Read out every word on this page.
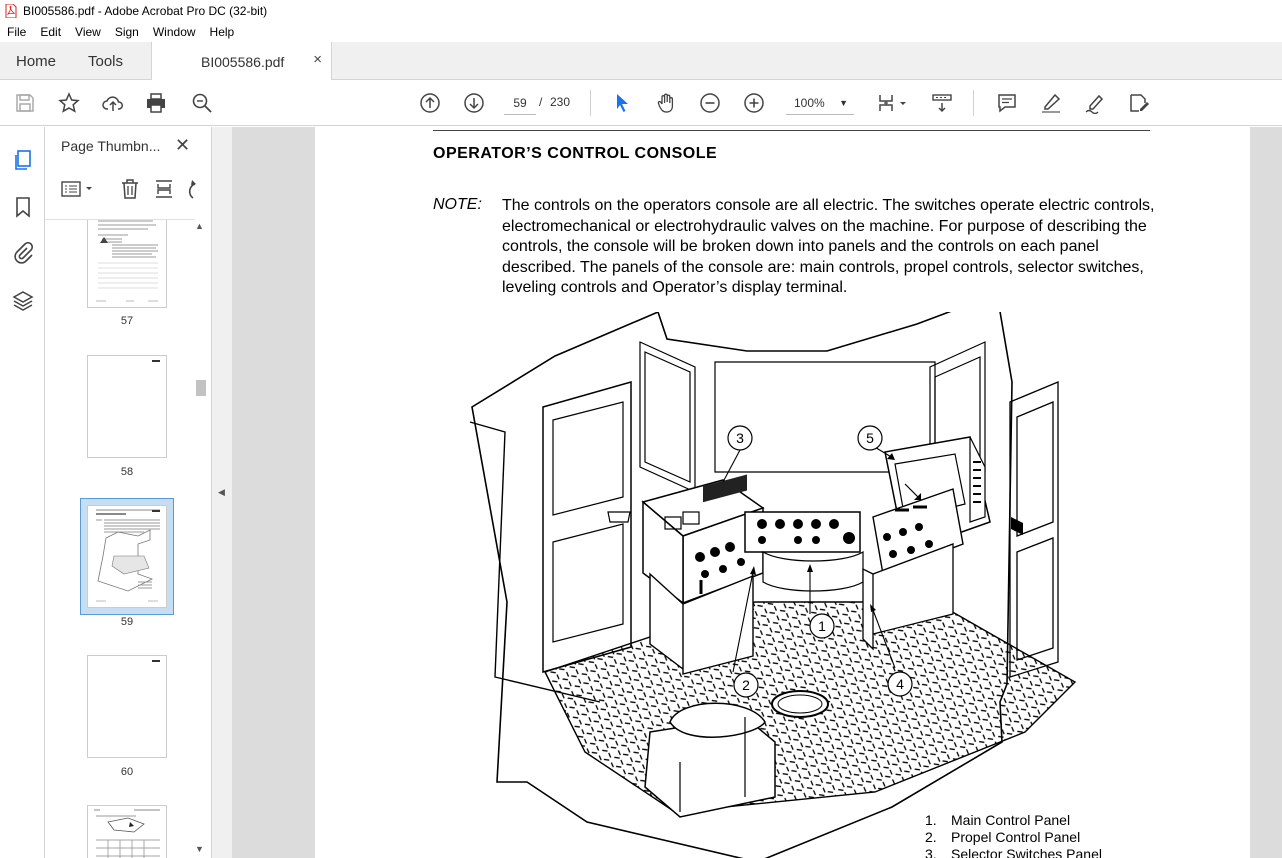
BI005586.pdf - Adobe Acrobat Pro DC (32-bit)
File	Edit	View	Sign	Window	Help
Home Tools	BI005586.pdf ×
59	/ 230	100% ▼
Page Thumbn... ✕
57
58
59
60
▲
▼
◀
OPERATOR’S CONTROL CONSOLE
NOTE: The controls on the operators console are all electric. The switches operate electric controls, electromechanical or electrohydraulic valves on the machine. For purpose of describing the controls, the console will be broken down into panels and the controls on each panel described. The panels of the console are: main controls, propel controls, selector switches, leveling controls and Operator’s display terminal.
3	5
1
2	4
1.	Main Control Panel
2.	Propel Control Panel
3.	Selector Switches Panel
